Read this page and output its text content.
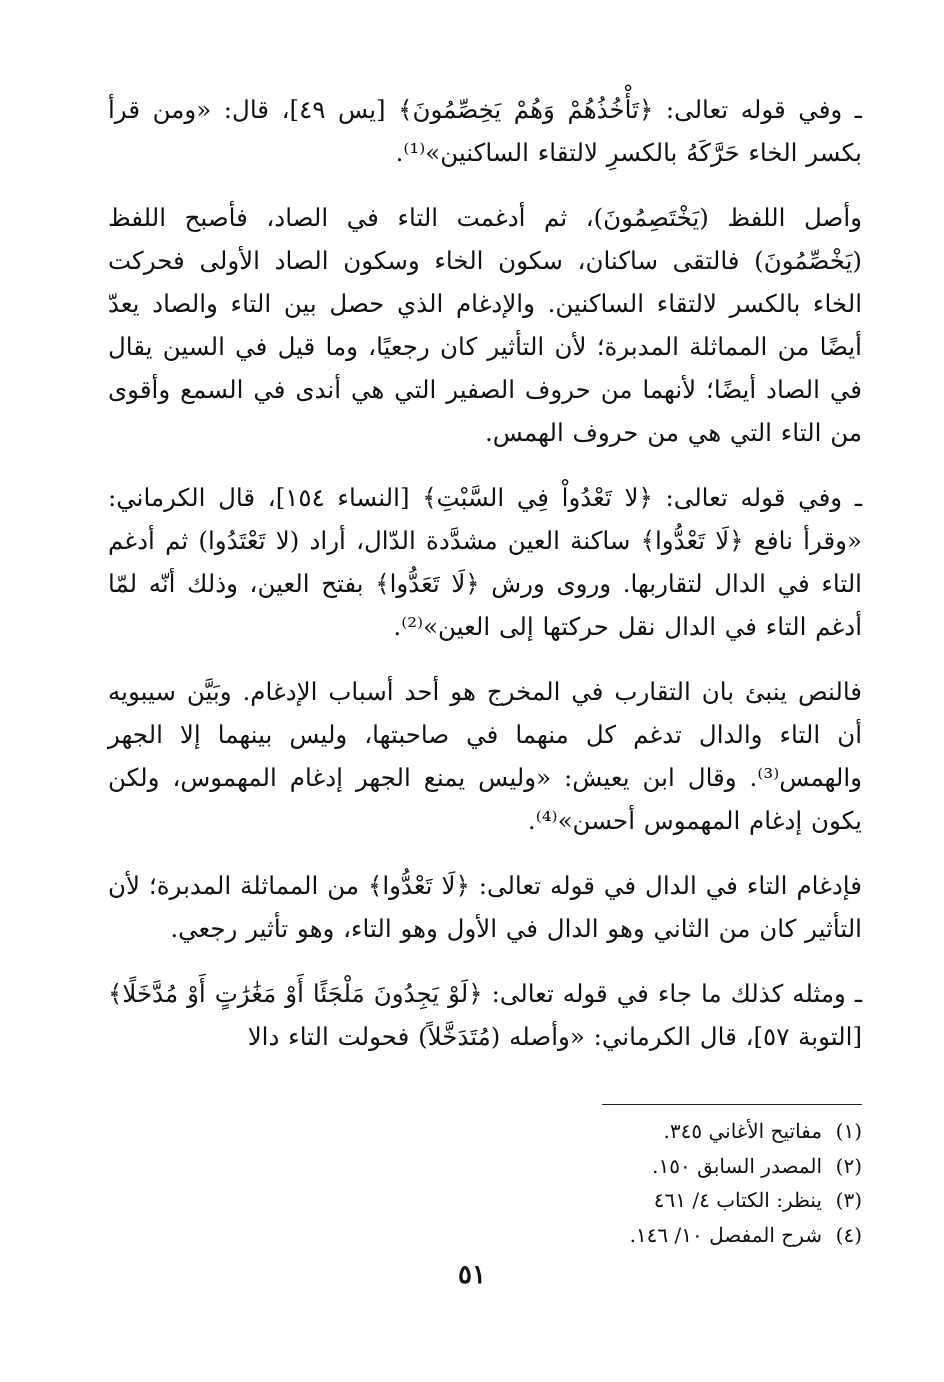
ـ وفي قوله تعالى: ﴿تَأْخُذُهُمْ وَهُمْ يَخِصِّمُونَ﴾ [يس ٤٩]، قال: «ومن قرأ بكسر الخاء حَرَّكَهُ بالكسرِ لالتقاء الساكنين»⁽¹⁾.

وأصل اللفظ (يَخْتَصِمُونَ)، ثم أدغمت التاء في الصاد، فأصبح اللفظ (يَخْصِّمُونَ) فالتقى ساكنان، سكون الخاء وسكون الصاد الأولى فحركت الخاء بالكسر لالتقاء الساكنين. والإدغام الذي حصل بين التاء والصاد يعدّ أيضًا من المماثلة المدبرة؛ لأن التأثير كان رجعيًا، وما قيل في السين يقال في الصاد أيضًا؛ لأنهما من حروف الصفير التي هي أندى في السمع وأقوى من التاء التي هي من حروف الهمس.

ـ وفي قوله تعالى: ﴿لا تَعْدُواْ فِي السَّبْتِ﴾ [النساء ١٥٤]، قال الكرماني: «وقرأ نافع ﴿لَا تَعْدُّوا﴾ ساكنة العين مشدَّدة الدّال، أراد (لا تَعْتَدُوا) ثم أدغم التاء في الدال لتقاربها. وروى ورش ﴿لَا تَعَدُّوا﴾ بفتح العين، وذلك أنّه لمّا أدغم التاء في الدال نقل حركتها إلى العين»⁽²⁾.

فالنص ينبئ بان التقارب في المخرج هو أحد أسباب الإدغام. وبَيَّن سيبويه أن التاء والدال تدغم كل منهما في صاحبتها، وليس بينهما إلا الجهر والهمس⁽³⁾. وقال ابن يعيش: «وليس يمنع الجهر إدغام المهموس، ولكن يكون إدغام المهموس أحسن»⁽⁴⁾.

فإدغام التاء في الدال في قوله تعالى: ﴿لَا تَعْدُّوا﴾ من المماثلة المدبرة؛ لأن التأثير كان من الثاني وهو الدال في الأول وهو التاء، وهو تأثير رجعي.

ـ ومثله كذلك ما جاء في قوله تعالى: ﴿لَوْ يَجِدُونَ مَلْجَئًا أَوْ مَغَٰرَٰتٍ أَوْ مُدَّخَلًا﴾ [التوبة ٥٧]، قال الكرماني: «وأصله (مُتَدَخَّلاً) فحولت التاء دالا

(١)
مفاتيح الأغاني ٣٤٥.
(٢)
المصدر السابق ١٥٠.
(٣)
ينظر: الكتاب ٤/ ٤٦١
(٤)
شرح المفصل ١٠/ ١٤٦.
٥١
